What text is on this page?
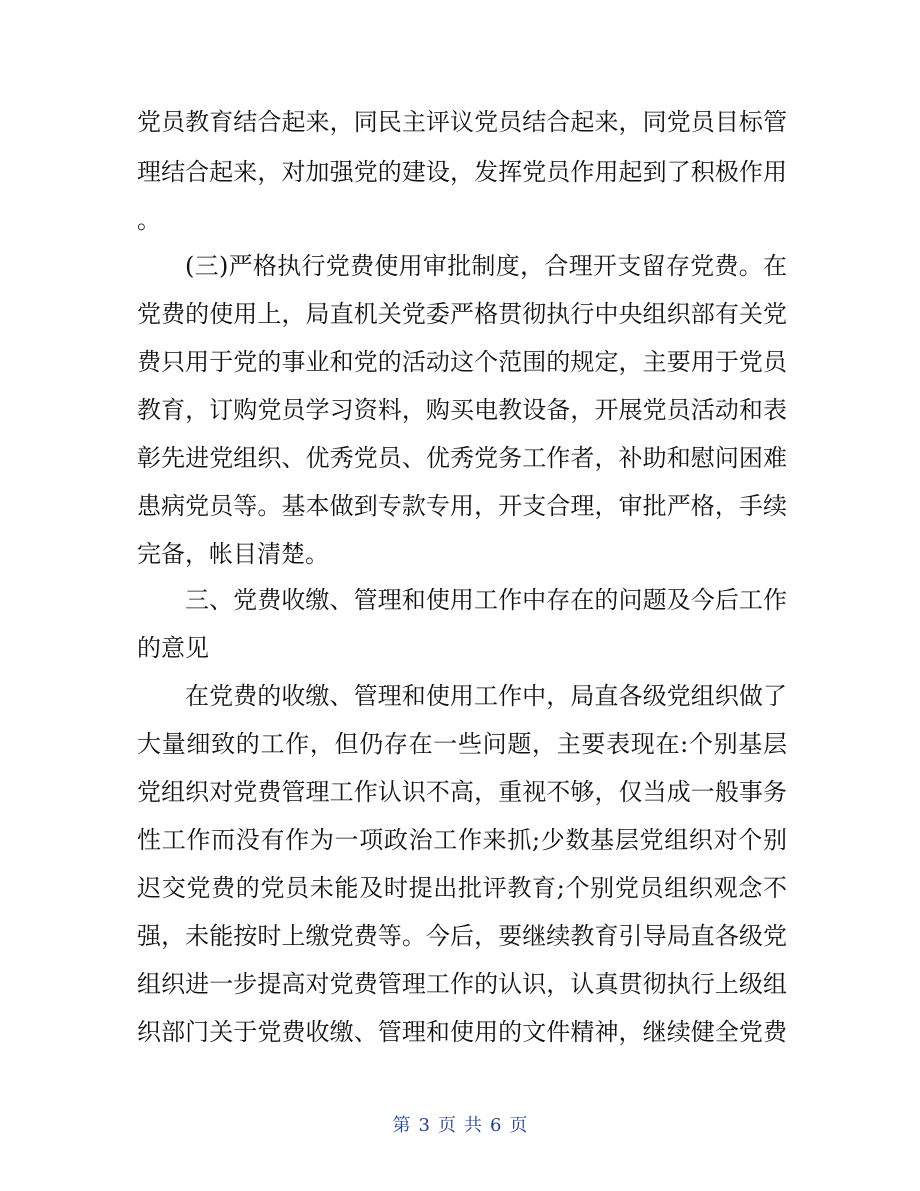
党员教育结合起来，同民主评议党员结合起来，同党员目标管
理结合起来，对加强党的建设，发挥党员作用起到了积极作用
。
(三)严格执行党费使用审批制度，合理开支留存党费。在
党费的使用上，局直机关党委严格贯彻执行中央组织部有关党
费只用于党的事业和党的活动这个范围的规定，主要用于党员
教育，订购党员学习资料，购买电教设备，开展党员活动和表
彰先进党组织、优秀党员、优秀党务工作者，补助和慰问困难
患病党员等。基本做到专款专用，开支合理，审批严格，手续
完备，帐目清楚。
三、党费收缴、管理和使用工作中存在的问题及今后工作
的意见
在党费的收缴、管理和使用工作中，局直各级党组织做了
大量细致的工作，但仍存在一些问题，主要表现在:个别基层
党组织对党费管理工作认识不高，重视不够，仅当成一般事务
性工作而没有作为一项政治工作来抓;少数基层党组织对个别
迟交党费的党员未能及时提出批评教育;个别党员组织观念不
强，未能按时上缴党费等。今后，要继续教育引导局直各级党
组织进一步提高对党费管理工作的认识，认真贯彻执行上级组
织部门关于党费收缴、管理和使用的文件精神，继续健全党费
第 3 页 共 6 页
